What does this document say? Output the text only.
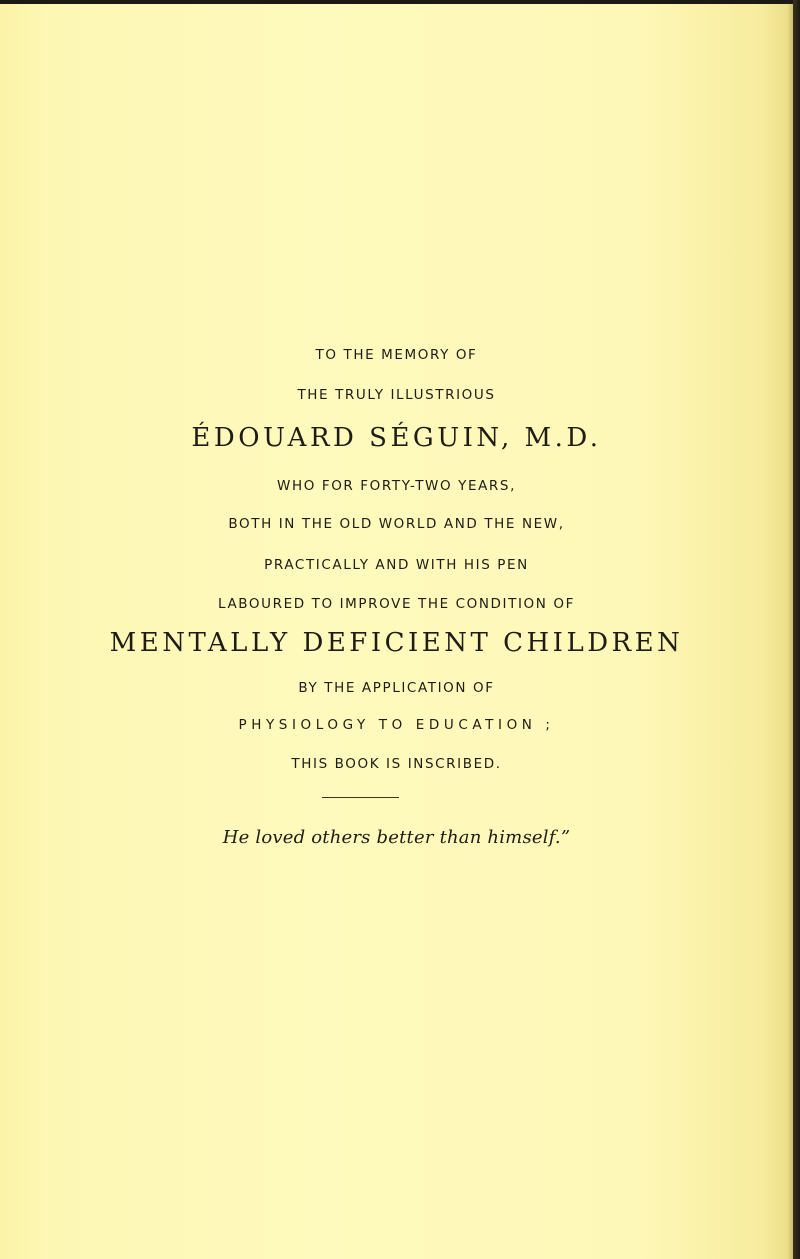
TO THE MEMORY OF
THE TRULY ILLUSTRIOUS
ÉDOUARD SÉGUIN, M.D.
WHO FOR FORTY-TWO YEARS,
BOTH IN THE OLD WORLD AND THE NEW,
PRACTICALLY AND WITH HIS PEN
LABOURED TO IMPROVE THE CONDITION OF
MENTALLY DEFICIENT CHILDREN
BY THE APPLICATION OF
PHYSIOLOGY TO EDUCATION ;
THIS BOOK IS INSCRIBED.
He loved others better than himself.”
